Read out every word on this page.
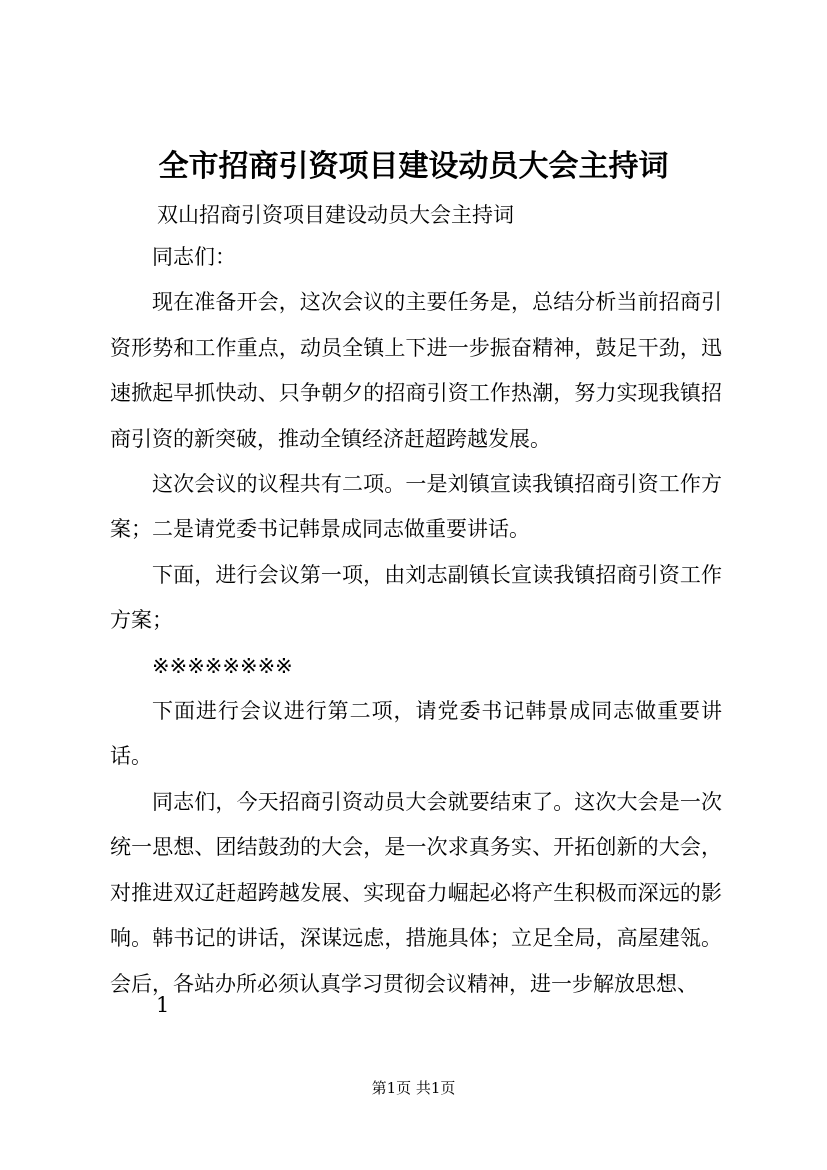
全市招商引资项目建设动员大会主持词

双山招商引资项目建设动员大会主持词

同志们：

现在准备开会，这次会议的主要任务是，总结分析当前招商引资形势和工作重点，动员全镇上下进一步振奋精神，鼓足干劲，迅速掀起早抓快动、只争朝夕的招商引资工作热潮，努力实现我镇招商引资的新突破，推动全镇经济赶超跨越发展。

这次会议的议程共有二项。一是刘镇宣读我镇招商引资工作方案；二是请党委书记韩景成同志做重要讲话。

下面，进行会议第一项，由刘志副镇长宣读我镇招商引资工作方案；

※※※※※※※※

下面进行会议进行第二项，请党委书记韩景成同志做重要讲话。

同志们，今天招商引资动员大会就要结束了。这次大会是一次统一思想、团结鼓劲的大会，是一次求真务实、开拓创新的大会，对推进双辽赶超跨越发展、实现奋力崛起必将产生积极而深远的影响。韩书记的讲话，深谋远虑，措施具体；立足全局，高屋建瓴。会后，各站办所必须认真学习贯彻会议精神，进一步解放思想、

1

第1页 共1页
